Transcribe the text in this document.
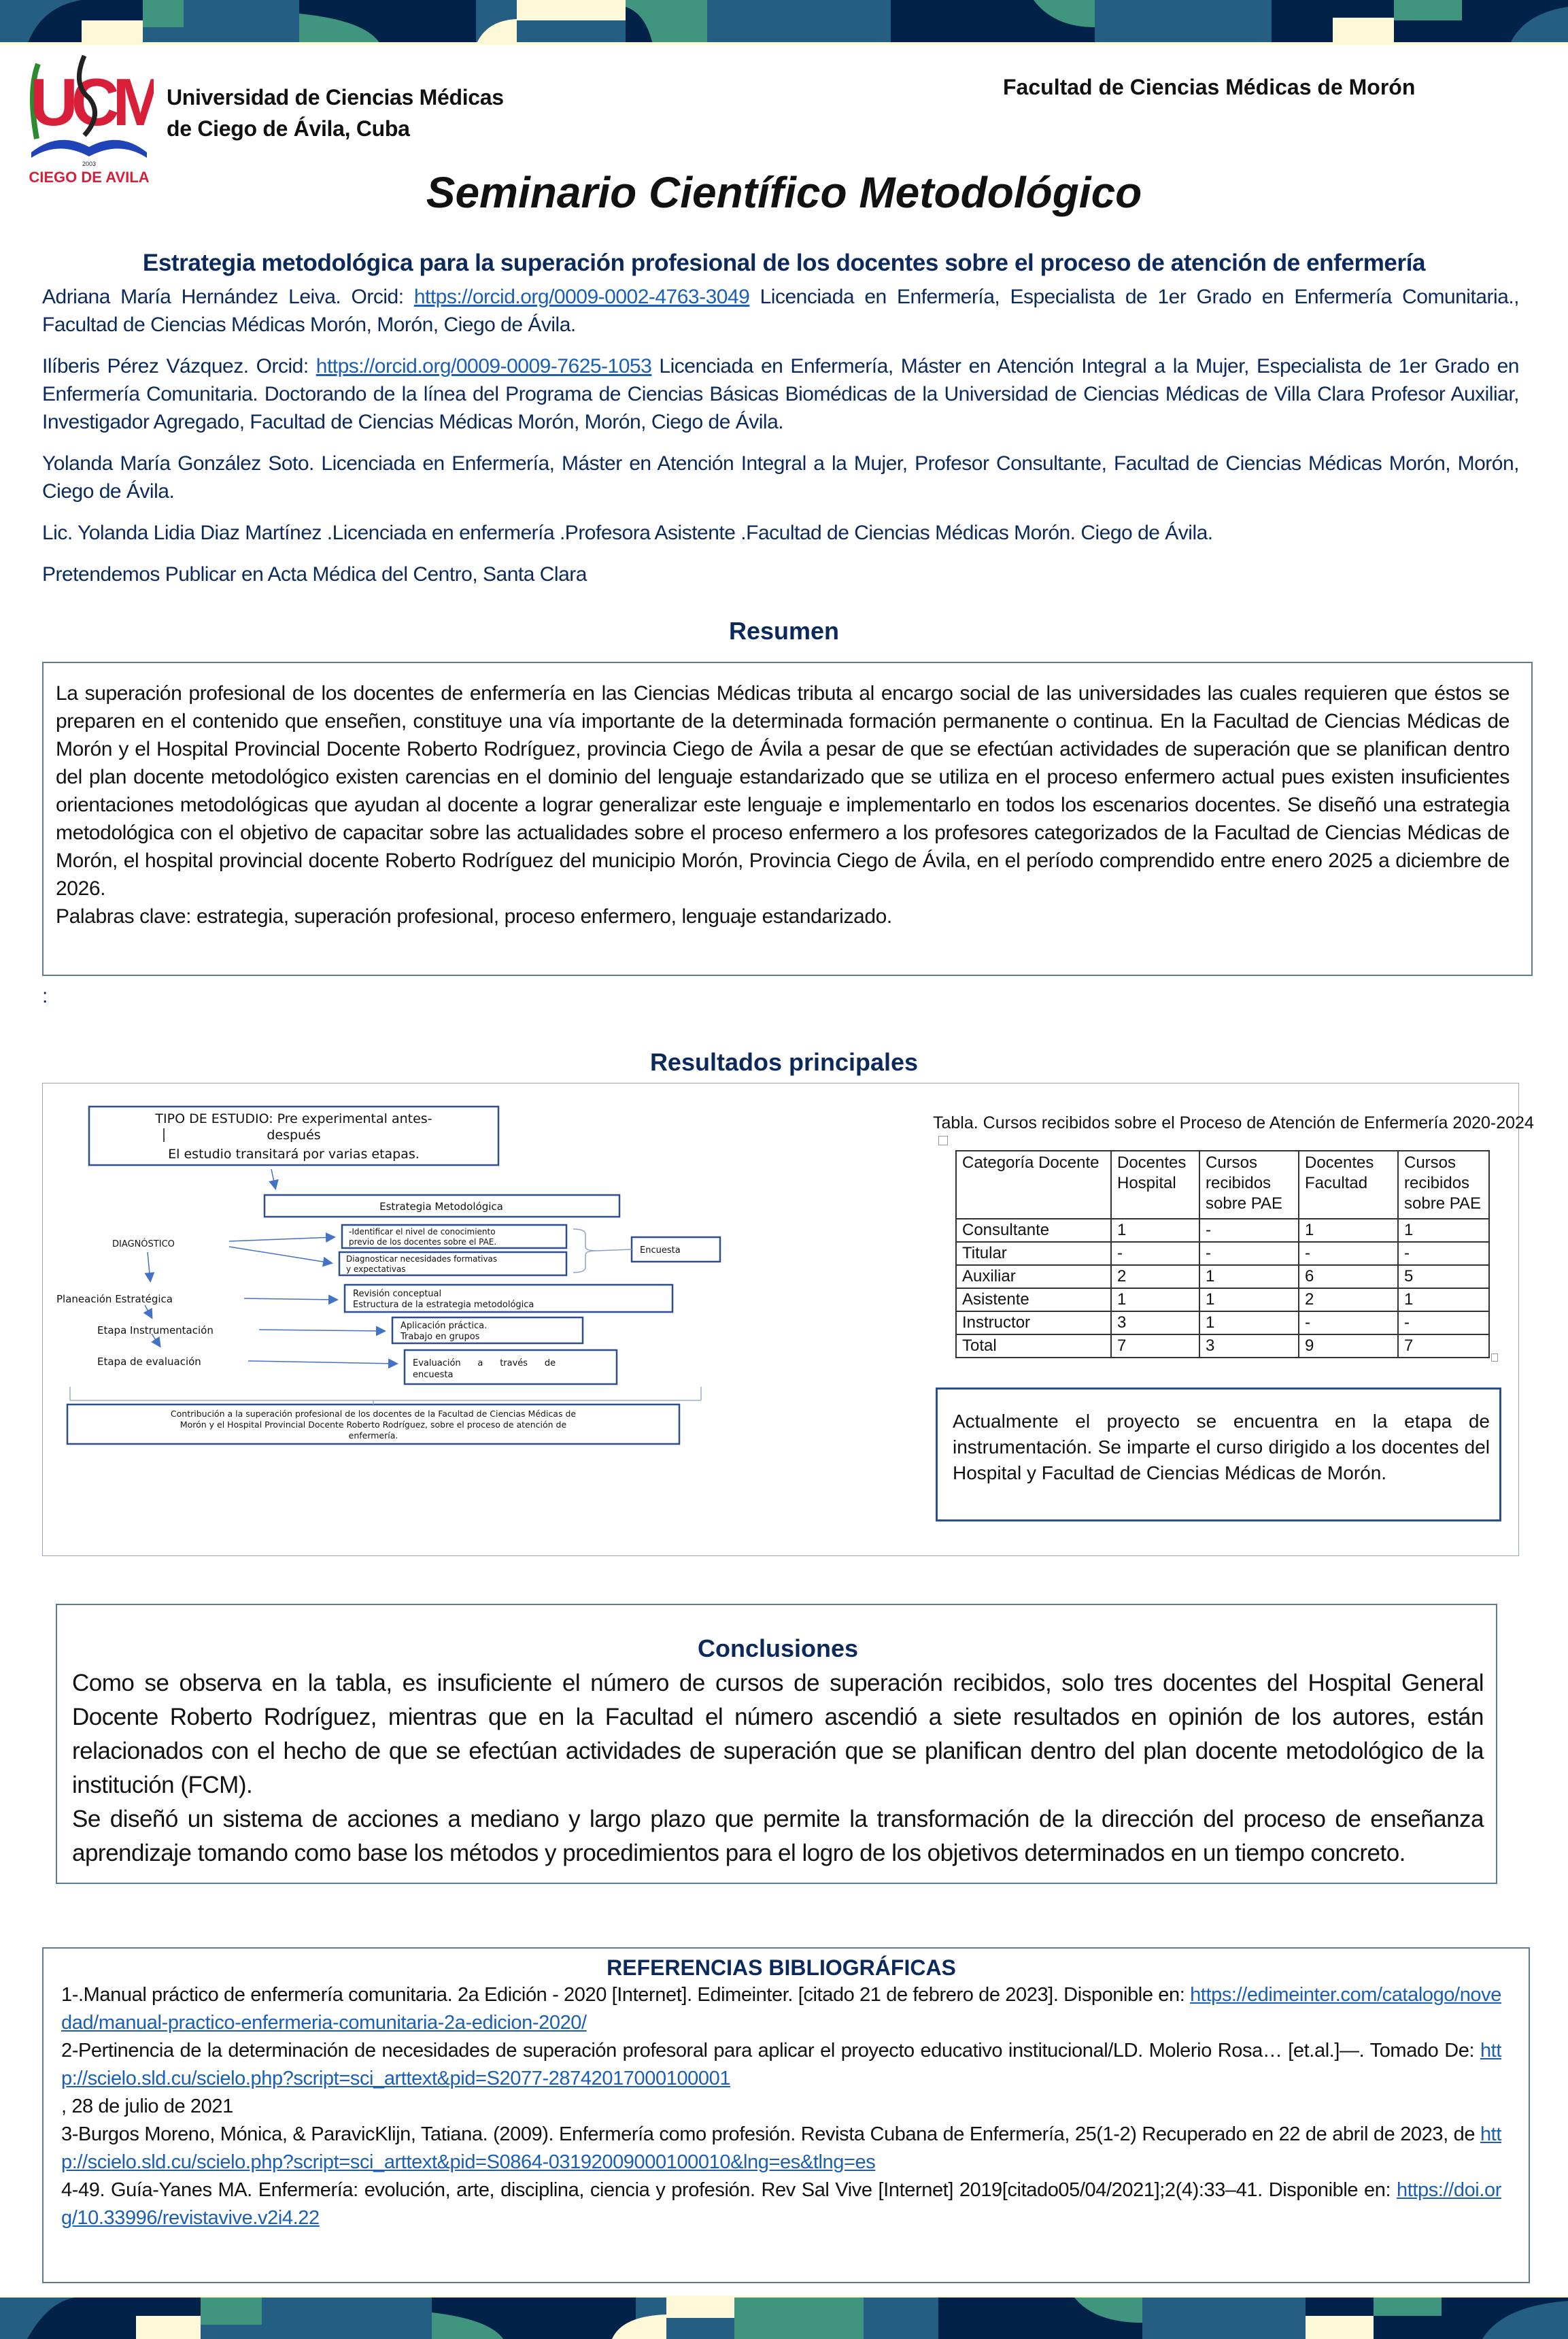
UCM
2003
CIEGO DE AVILA
Universidad de Ciencias Médicas
de Ciego de Ávila, Cuba
Facultad de Ciencias Médicas de Morón
Seminario Científico Metodológico
Estrategia metodológica para la superación profesional de los docentes sobre el proceso de atención de enfermería

Adriana María Hernández Leiva. Orcid: https://orcid.org/0009-0002-4763-3049 Licenciada en Enfermería, Especialista de 1er Grado en Enfermería Comunitaria., Facultad de Ciencias Médicas Morón, Morón, Ciego de Ávila.

Ilíberis Pérez Vázquez. Orcid: https://orcid.org/0009-0009-7625-1053 Licenciada en Enfermería, Máster en Atención Integral a la Mujer, Especialista de 1er Grado en Enfermería Comunitaria. Doctorando de la línea del Programa de Ciencias Básicas Biomédicas de la Universidad de Ciencias Médicas de Villa Clara Profesor Auxiliar, Investigador Agregado, Facultad de Ciencias Médicas Morón, Morón, Ciego de Ávila.

Yolanda María González Soto. Licenciada en Enfermería, Máster en Atención Integral a la Mujer, Profesor Consultante, Facultad de Ciencias Médicas Morón, Morón, Ciego de Ávila.

Lic. Yolanda Lidia Diaz Martínez .Licenciada en enfermería .Profesora Asistente .Facultad de Ciencias Médicas Morón. Ciego de Ávila.

Pretendemos Publicar en Acta Médica del Centro, Santa Clara

Resumen
La superación profesional de los docentes de enfermería en las Ciencias Médicas tributa al encargo social de las universidades las cuales requieren que éstos se preparen en el contenido que enseñen, constituye una vía importante de la determinada formación permanente o continua. En la Facultad de Ciencias Médicas de Morón y el Hospital Provincial Docente Roberto Rodríguez, provincia Ciego de Ávila a pesar de que se efectúan actividades de superación que se planifican dentro del plan docente metodológico existen carencias en el dominio del lenguaje estandarizado que se utiliza en el proceso enfermero actual pues existen insuficientes orientaciones metodológicas que ayudan al docente a lograr generalizar este lenguaje e implementarlo en todos los escenarios docentes. Se diseñó una estrategia metodológica con el objetivo de capacitar sobre las actualidades sobre el proceso enfermero a los profesores categorizados de la Facultad de Ciencias Médicas de Morón, el hospital provincial docente Roberto Rodríguez del municipio Morón, Provincia Ciego de Ávila, en el período comprendido entre enero 2025 a diciembre de 2026.
Palabras clave: estrategia, superación profesional, proceso enfermero, lenguaje estandarizado.
:
Resultados principales
TIPO DE ESTUDIO: Pre experimental antes-
después
El estudio transitará por varias etapas.
Estrategia Metodológica
DIAGNÓSTICO
-Identificar el nivel de conocimiento
previo de los docentes sobre el PAE.
Diagnosticar necesidades formativas
y expectativas
Encuesta
Planeación Estratégica	Revisión conceptual
Estructura de la estrategia metodológica
Etapa Instrumentación	Aplicación práctica.
Trabajo en grupos
Etapa de evaluación	Evaluación      a      través      de
encuesta
Contribución a la superación profesional de los docentes de la Facultad de Ciencias Médicas de
Morón y el Hospital Provincial Docente Roberto Rodríguez, sobre el proceso de atención de
enfermería.
Tabla. Cursos recibidos sobre el Proceso de Atención de Enfermería 2020-2024
Categoría Docente	Docentes Hospital	Cursos recibidos sobre PAE	Docentes Facultad	Cursos recibidos sobre PAE
Consultante	1	-	1	1
Titular	-	-	-	-
Auxiliar	2	1	6	5
Asistente	1	1	2	1
Instructor	3	1	-	-
Total	7	3	9	7
Actualmente el proyecto se encuentra en la etapa de instrumentación. Se imparte el curso dirigido a los docentes del Hospital y Facultad de Ciencias Médicas de Morón.
Conclusiones

Como se observa en la tabla, es insuficiente el número de cursos de superación recibidos, solo tres docentes del Hospital General Docente Roberto Rodríguez, mientras que en la Facultad el número ascendió a siete resultados en opinión de los autores, están relacionados con el hecho de que se efectúan actividades de superación que se planifican dentro del plan docente metodológico de la institución (FCM).

Se diseñó un sistema de acciones a mediano y largo plazo que permite la transformación de la dirección del proceso de enseñanza aprendizaje tomando como base los métodos y procedimientos para el logro de los objetivos determinados en un tiempo concreto.

REFERENCIAS BIBLIOGRÁFICAS

1-.Manual práctico de enfermería comunitaria. 2a Edición - 2020 [Internet]. Edimeinter. [citado 21 de febrero de 2023]. Disponible en: https://edimeinter.com/catalogo/novedad/manual-practico-enfermeria-comunitaria-2a-edicion-2020/

2-Pertinencia de la determinación de necesidades de superación profesoral para aplicar el proyecto educativo institucional/LD. Molerio Rosa… [et.al.]—. Tomado De: http://scielo.sld.cu/scielo.php?script=sci_arttext&pid=S2077-28742017000100001

, 28 de julio de 2021

3-Burgos Moreno, Mónica, & ParavicKlijn, Tatiana. (2009). Enfermería como profesión. Revista Cubana de Enfermería, 25(1-2) Recuperado en 22 de abril de 2023, de http://scielo.sld.cu/scielo.php?script=sci_arttext&pid=S0864-03192009000100010&lng=es&tlng=es

4-49. Guía-Yanes MA. Enfermería: evolución, arte, disciplina, ciencia y profesión. Rev Sal Vive [Internet] 2019[citado05/04/2021];2(4):33–41. Disponible en: https://doi.org/10.33996/revistavive.v2i4.22
